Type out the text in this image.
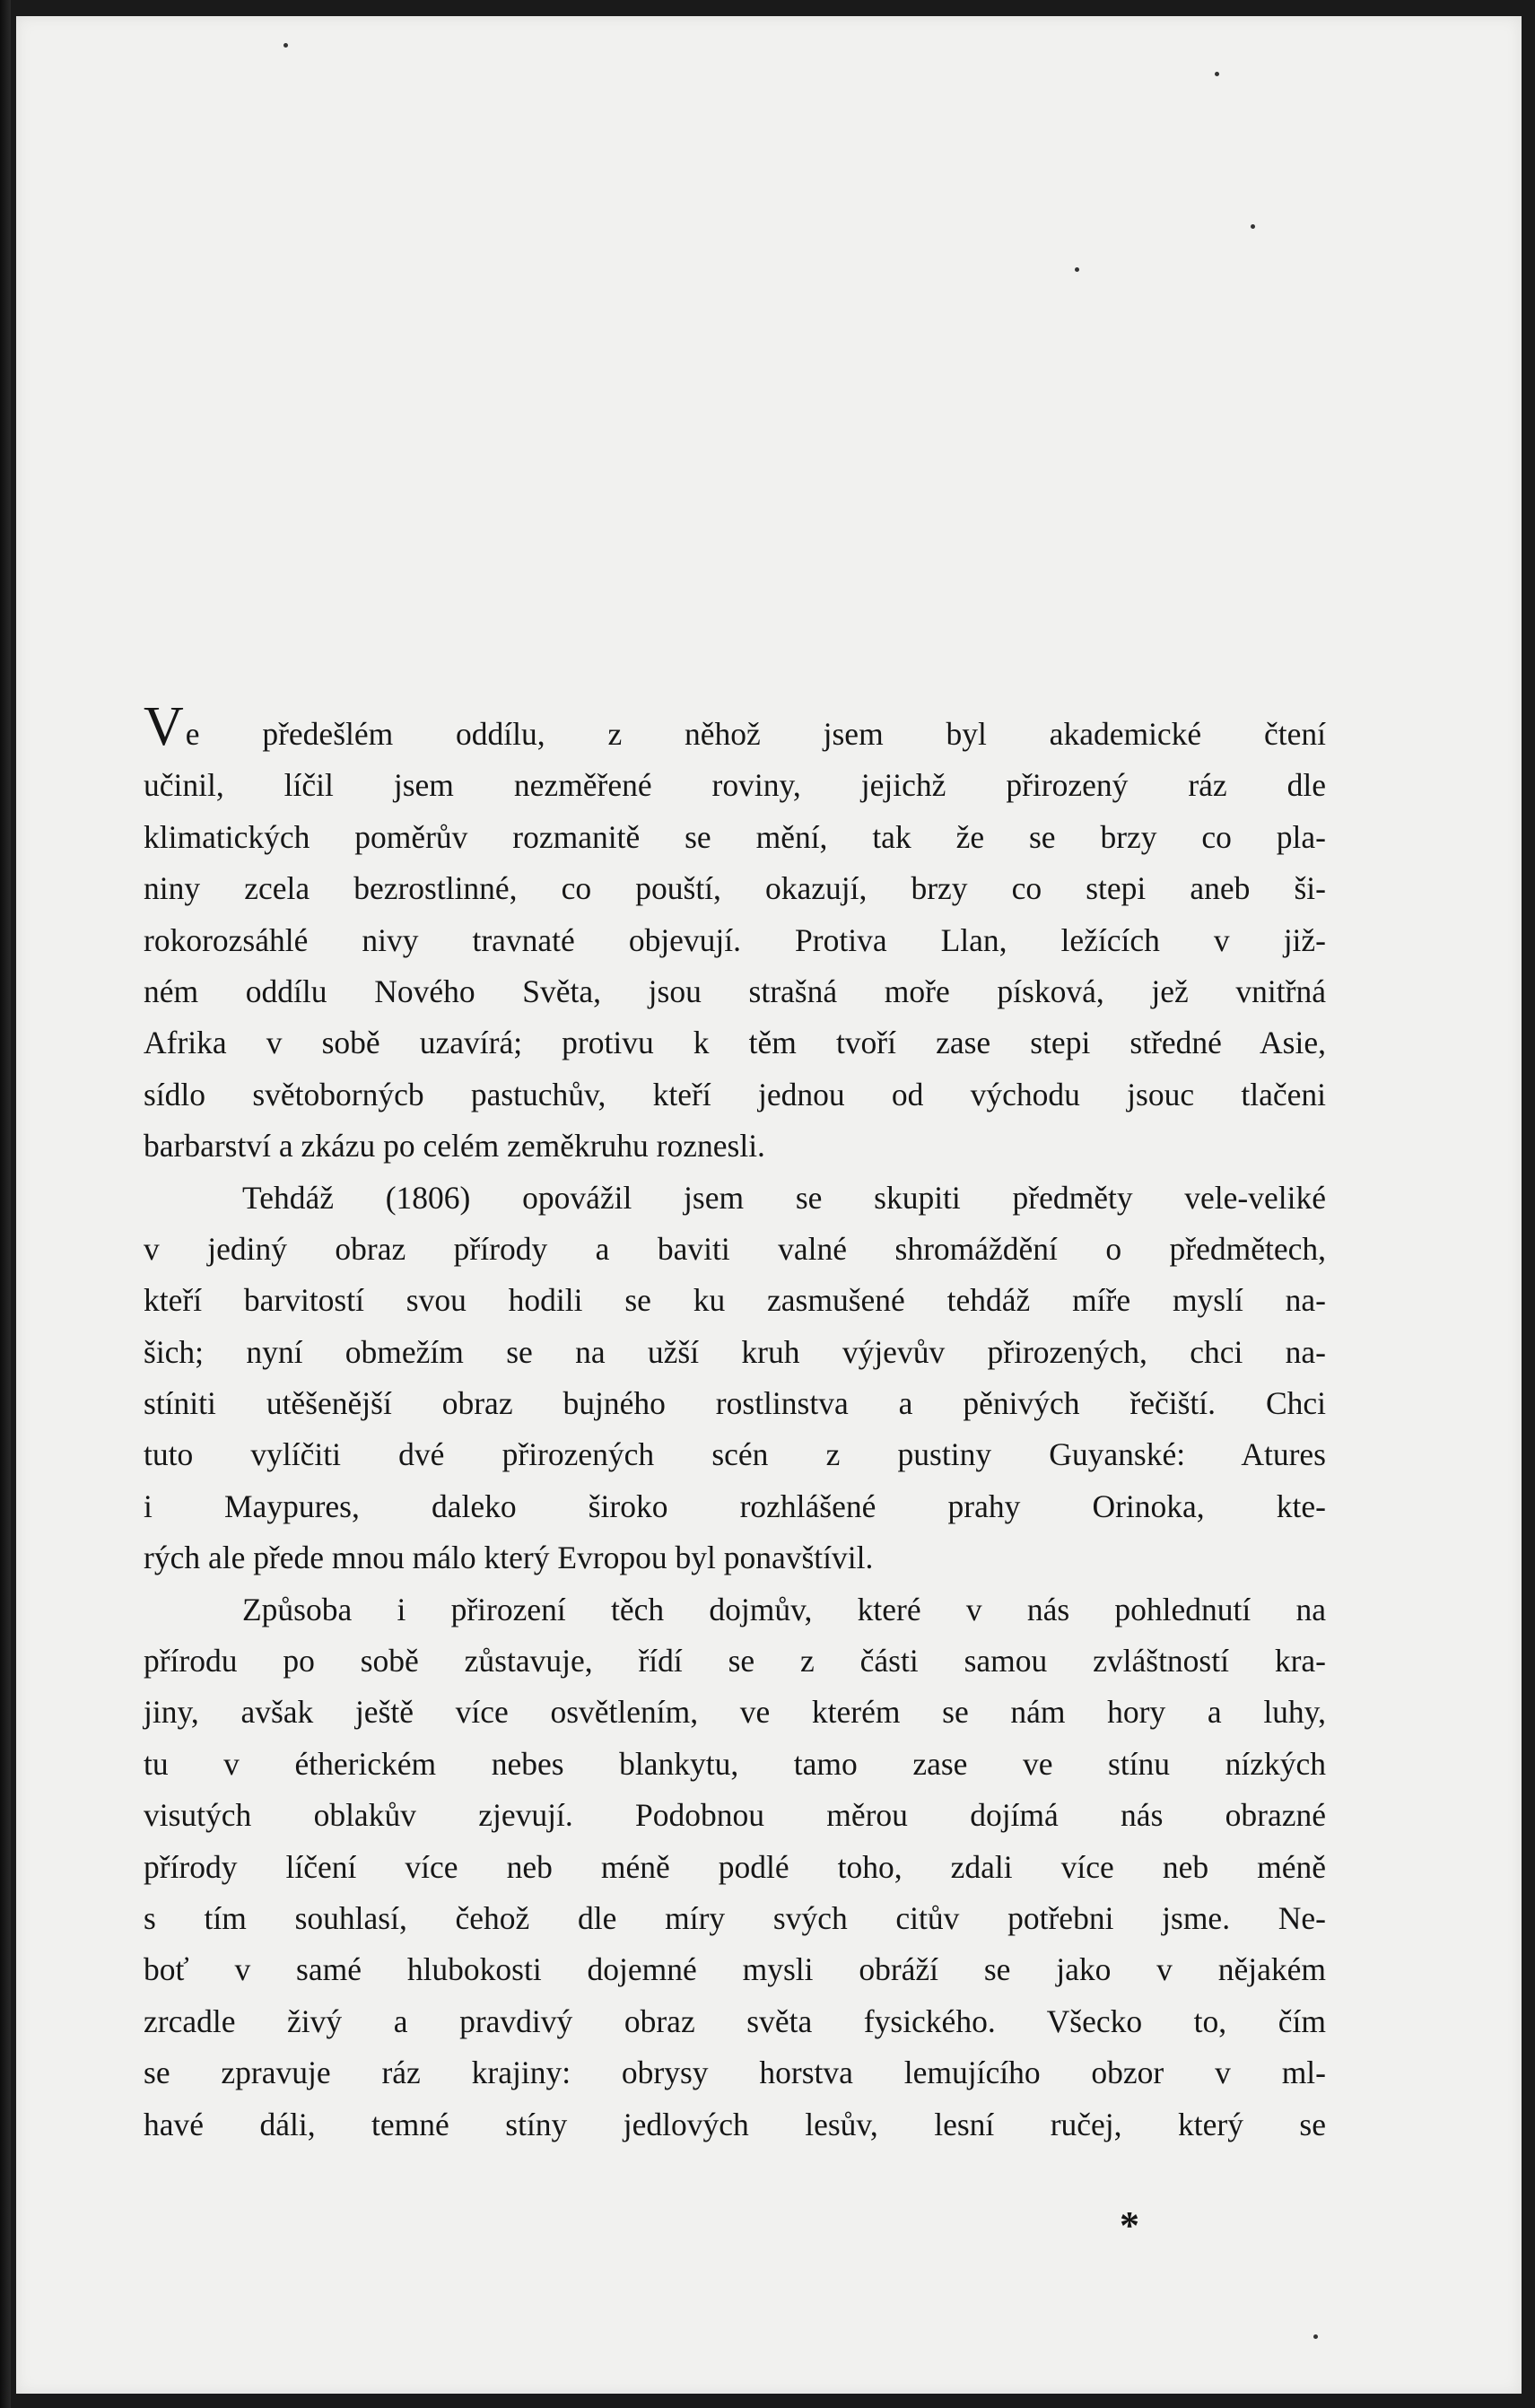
Ve předešlém oddílu, z něhož jsem byl akademické čtení
učinil, líčil jsem nezměřené roviny, jejichž přirozený ráz dle
klimatických poměrův rozmanitě se mění, tak že se brzy co pla-
niny zcela bezrostlinné, co pouští, okazují, brzy co stepi aneb ši-
rokorozsáhlé nivy travnaté objevují. Protiva Llan, ležících v již-
ném oddílu Nového Světa, jsou strašná moře písková, jež vnitřná
Afrika v sobě uzavírá; protivu k těm tvoří zase stepi středné Asie,
sídlo světobornýcb pastuchův, kteří jednou od východu jsouc tlačeni
barbarství a zkázu po celém zeměkruhu roznesli.
Tehdáž (1806) opovážil jsem se skupiti předměty vele-veliké
v jediný obraz přírody a baviti valné shromáždění o předmětech,
kteří barvitostí svou hodili se ku zasmušené tehdáž míře myslí na-
šich; nyní obmežím se na užší kruh výjevův přirozených, chci na-
stíniti utěšenější obraz bujného rostlinstva a pěnivých řečiští. Chci
tuto vylíčiti dvé přirozených scén z pustiny Guyanské: Atures
i Maypures, daleko široko rozhlášené prahy Orinoka, kte-
rých ale přede mnou málo který Evropou byl ponavštívil.
Způsoba i přirození těch dojmův, které v nás pohlednutí na
přírodu po sobě zůstavuje, řídí se z části samou zvláštností kra-
jiny, avšak ještě více osvětlením, ve kterém se nám hory a luhy,
tu v étherickém nebes blankytu, tamo zase ve stínu nízkých
visutých oblakův zjevují. Podobnou měrou dojímá nás obrazné
přírody líčení více neb méně podlé toho, zdali více neb méně
s tím souhlasí, čehož dle míry svých citův potřebni jsme. Ne-
boť v samé hlubokosti dojemné mysli obráží se jako v nějakém
zrcadle živý a pravdivý obraz světa fysického. Všecko to, čím
se zpravuje ráz krajiny: obrysy horstva lemujícího obzor v ml-
havé dáli, temné stíny jedlových lesův, lesní ručej, který se
*
